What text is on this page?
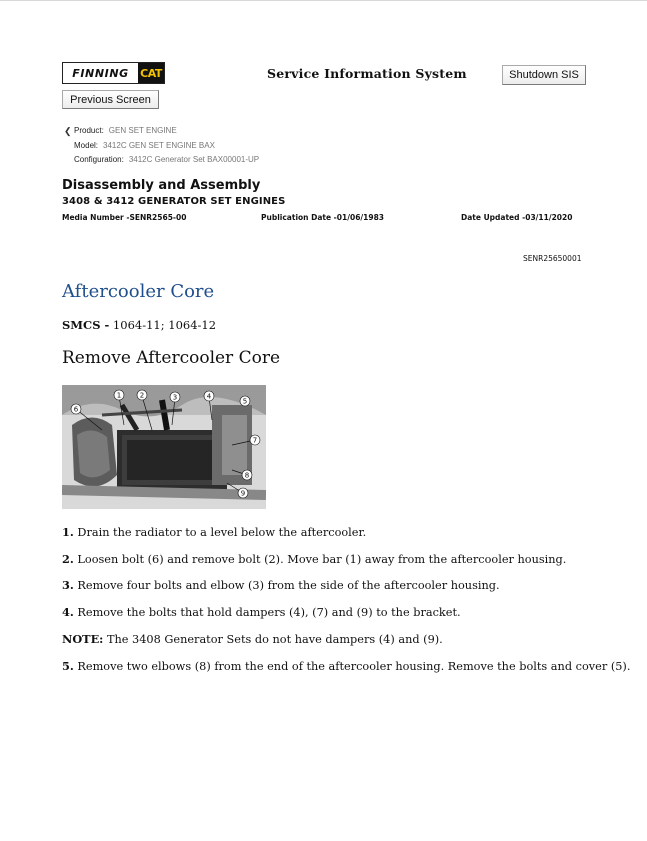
FINNING	CAT	Service Information System	Shutdown SIS
Previous Screen
❮ Product: GEN SET ENGINE
Model: 3412C GEN SET ENGINE BAX
Configuration: 3412C Generator Set BAX00001-UP
Disassembly and Assembly
3408 & 3412 GENERATOR SET ENGINES
Media Number -SENR2565-00	Publication Date -01/06/1983	Date Updated -03/11/2020
SENR25650001
Aftercooler Core
SMCS - 1064-11; 1064-12
Remove Aftercooler Core
1	2	3	4
5
6
7
8
9
1. Drain the radiator to a level below the aftercooler.
2. Loosen bolt (6) and remove bolt (2). Move bar (1) away from the aftercooler housing.
3. Remove four bolts and elbow (3) from the side of the aftercooler housing.
4. Remove the bolts that hold dampers (4), (7) and (9) to the bracket.
NOTE: The 3408 Generator Sets do not have dampers (4) and (9).
5. Remove two elbows (8) from the end of the aftercooler housing. Remove the bolts and cover (5).
